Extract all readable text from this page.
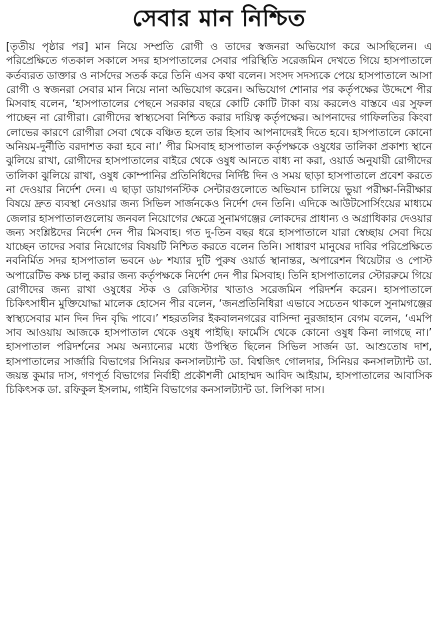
সেবার মান নিশ্চিত

[তৃতীয় পৃষ্ঠার পর] মান নিয়ে সম্প্রতি রোগী ও তাদের স্বজনরা অভিযোগ করে আসছিলেন। এ পরিপ্রেক্ষিতে গতকাল সকালে সদর হাসপাতালের সেবার পরিস্থিতি সরেজমিন দেখতে গিয়ে হাসপাতালে কর্তব্যরত ডাক্তার ও নার্সদের সতর্ক করে তিনি এসব কথা বলেন। সংসদ সদস্যকে পেয়ে হাসপাতালে আসা রোগী ও স্বজনরা সেবার মান নিয়ে নানা অভিযোগ করেন। অভিযোগ শোনার পর কর্তৃপক্ষের উদ্দেশে পীর মিসবাহ বলেন, ‘হাসপাতালের পেছনে সরকার বছরে কোটি কোটি টাকা ব্যয় করলেও বাস্তবে এর সুফল পাচ্ছেন না রোগীরা। রোগীদের স্বাস্থ্যসেবা নিশ্চিত করার দায়িত্ব কর্তৃপক্ষের। আপনাদের গাফিলতির কিংবা লোভের কারণে রোগীরা সেবা থেকে বঞ্চিত হলে তার হিসাব আপনাদেরই দিতে হবে। হাসপাতালে কোনো অনিয়ম-দুর্নীতি বরদাশত করা হবে না।’ পীর মিসবাহ হাসপাতাল কর্তৃপক্ষকে ওষুধের তালিকা প্রকাশ্য স্থানে ঝুলিয়ে রাখা, রোগীদের হাসপাতালের বাইরে থেকে ওষুধ আনতে বাধ্য না করা, ওয়ার্ড অনুযায়ী রোগীদের তালিকা ঝুলিয়ে রাখা, ওষুধ কোম্পানির প্রতিনিধিদের নির্দিষ্ট দিন ও সময় ছাড়া হাসপাতালে প্রবেশ করতে না দেওয়ার নির্দেশ দেন। এ ছাড়া ডায়াগনস্টিক সেন্টারগুলোতে অভিযান চালিয়ে ভুয়া পরীক্ষা-নিরীক্ষার বিষয়ে দ্রুত ব্যবস্থা নেওয়ার জন্য সিভিল সার্জনকেও নির্দেশ দেন তিনি। এদিকে আউটসোর্সিংয়ের মাধ্যমে জেলার হাসপাতালগুলোয় জনবল নিয়োগের ক্ষেত্রে সুনামগঞ্জের লোকদের প্রাধান্য ও অগ্রাধিকার দেওয়ার জন্য সংশ্লিষ্টদের নির্দেশ দেন পীর মিসবাহ। গত দু-তিন বছর ধরে হাসপাতালে যারা স্বেচ্ছায় সেবা দিয়ে যাচ্ছেন তাদের সবার নিয়োগের বিষয়টি নিশ্চিত করতে বলেন তিনি। সাধারণ মানুষের দাবির পরিপ্রেক্ষিতে নবনির্মিত সদর হাসপাতাল ভবনে ৬৮ শয্যার দুটি পুরুষ ওয়ার্ড স্থানান্তর, অপারেশন থিয়েটার ও পোস্ট অপারেটিভ কক্ষ চালু করার জন্য কর্তৃপক্ষকে নির্দেশ দেন পীর মিসবাহ। তিনি হাসপাতালের স্টোররুমে গিয়ে রোগীদের জন্য রাখা ওষুধের স্টক ও রেজিস্টার খাতাও সরেজমিন পরিদর্শন করেন। হাসপাতালে চিকিৎসাধীন মুক্তিযোদ্ধা মালেক হোসেন পীর বলেন, ‘জনপ্রতিনিধিরা এভাবে সচেতন থাকলে সুনামগঞ্জের স্বাস্থ্যসেবার মান দিন দিন বৃদ্ধি পাবে।’ শহরতলির ইকবালনগরের বাসিন্দা নুরজাহান বেগম বলেন, ‘এমপি সাব আওয়ায় আজকে হাসপাতাল থেকে ওষুধ পাইছি। ফার্মেসি থেকে কোনো ওষুধ কিনা লাগছে না।’ হাসপাতাল পরিদর্শনের সময় অন্যান্যের মধ্যে উপস্থিত ছিলেন সিভিল সার্জন ডা. আশুতোষ দাশ, হাসপাতালের সার্জারি বিভাগের সিনিয়র কনসালট্যান্ট ডা. বিশ্বজিৎ গোলদার, সিনিয়র কনসালট্যান্ট ডা. জয়ন্ত কুমার দাস, গণপূর্ত বিভাগের নির্বাহী প্রকৌশলী মোহাম্মদ আবিদ আইয়াম, হাসপাতালের আবাসিক চিকিৎসক ডা. রফিকুল ইসলাম, গাইনি বিভাগের কনসালট্যান্ট ডা. লিপিকা দাস।
